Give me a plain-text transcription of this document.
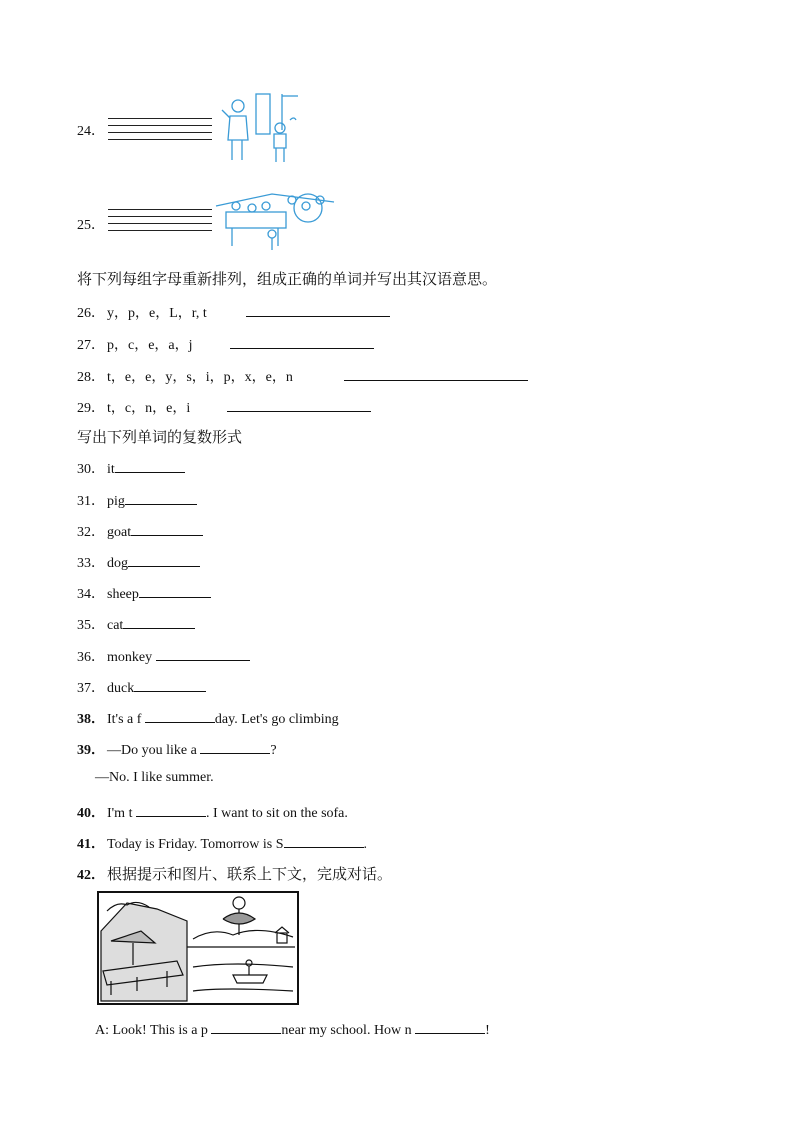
24．
25．
将下列每组字母重新排列，组成正确的单词并写出其汉语意思。
26． y，p，e，L，r, t
27． p，c，e，a，j
28． t，e，e，y，s，i，p，x，e，n
29． t，c，n，e，i
写出下列单词的复数形式
30． it
31． pig
32． goat
33． dog
34． sheep
35． cat
36． monkey
37． duck
38． It's a f	day. Let's go climbing
39． —Do you like a	?
—No. I like summer.
40． I'm t	. I want to sit on the sofa.
41． Today is Friday. Tomorrow is S	.
42． 根据提示和图片、联系上下文，完成对话。
A: Look! This is a p	near my school. How n	!
